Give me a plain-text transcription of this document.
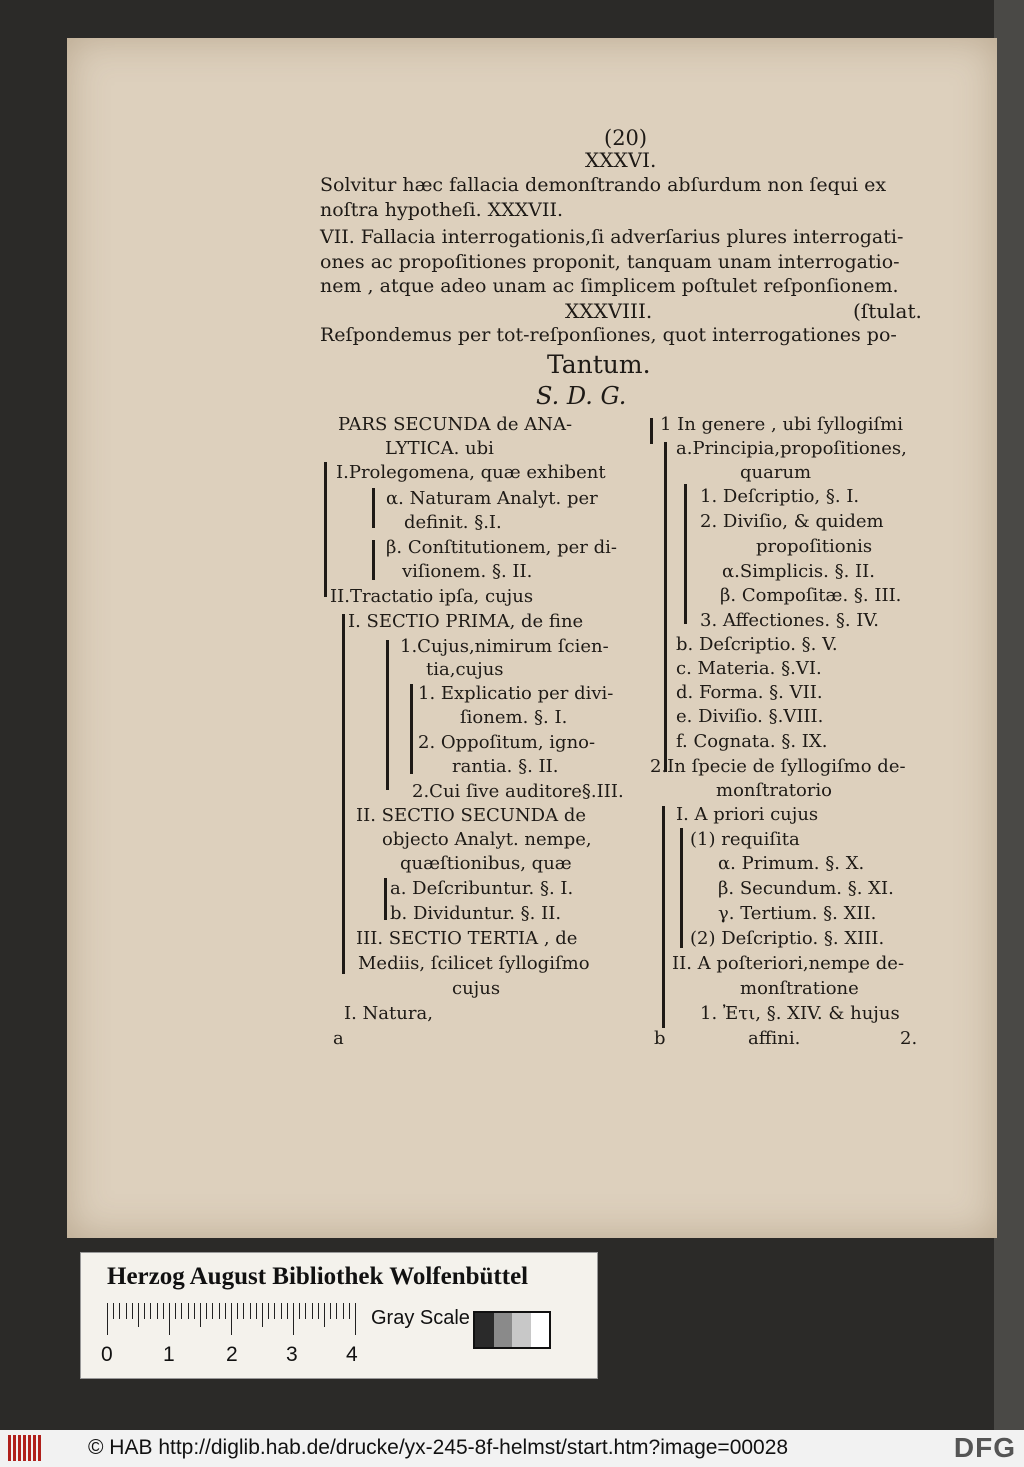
(20)
XXXVI.
Solvitur hæc fallacia demonſtrando abſurdum non ſequi ex
noſtra hypotheſi. XXXVII.
VII. Fallacia interrogationis,ſi adverſarius plures interrogati-
ones ac propoſitiones proponit, tanquam unam interrogatio-
nem , atque adeo unam ac ſimplicem poſtulet reſponſionem.
XXXVIII.	(ſtulat.
Reſpondemus per tot-reſponſiones, quot interrogationes po-
Tantum.
S. D. G.
PARS SECUNDA de ANA-
LYTICA. ubi
I.Prolegomena, quæ exhibent
α. Naturam Analyt. per
definit. §.I.
β. Conſtitutionem, per di-
viſionem. §. II.
II.Tractatio ipſa, cujus
I. SECTIO PRIMA, de fine
1.Cujus,nimirum ſcien-
tia,cujus
1. Explicatio per divi-
ſionem. §. I.
2. Oppoſitum, igno-
rantia. §. II.
2.Cui ſive auditore§.III.
II. SECTIO SECUNDA de
objecto Analyt. nempe,
quæſtionibus, quæ
a. Deſcribuntur. §. I.
b. Dividuntur. §. II.
III. SECTIO TERTIA , de
Mediis, ſcilicet ſyllogiſmo
cujus
I. Natura,
a
1 In genere , ubi ſyllogiſmi
a.Principia,propoſitiones,
quarum
1. Deſcriptio, §. I.
2. Diviſio, & quidem
propoſitionis
α.Simplicis. §. II.
β. Compoſitæ. §. III.
3. Affectiones. §. IV.
b. Deſcriptio. §. V.
c. Materia. §.VI.
d. Forma. §. VII.
e. Diviſio. §.VIII.
f. Cognata. §. IX.
2.In ſpecie de ſyllogiſmo de-
monſtratorio
I. A priori cujus
(1) requiſita
α. Primum. §. X.
β. Secundum. §. XI.
γ. Tertium. §. XII.
(2) Deſcriptio. §. XIII.
II. A poſteriori,nempe de-
monſtratione
1. Ἐτι, §. XIV. & hujus
affini.
b	2.
Herzog August Bibliothek Wolfenbüttel
0 1 2 3 4
Gray Scale
© HAB http://diglib.hab.de/drucke/yx-245-8f-helmst/start.htm?image=00028	DFG
